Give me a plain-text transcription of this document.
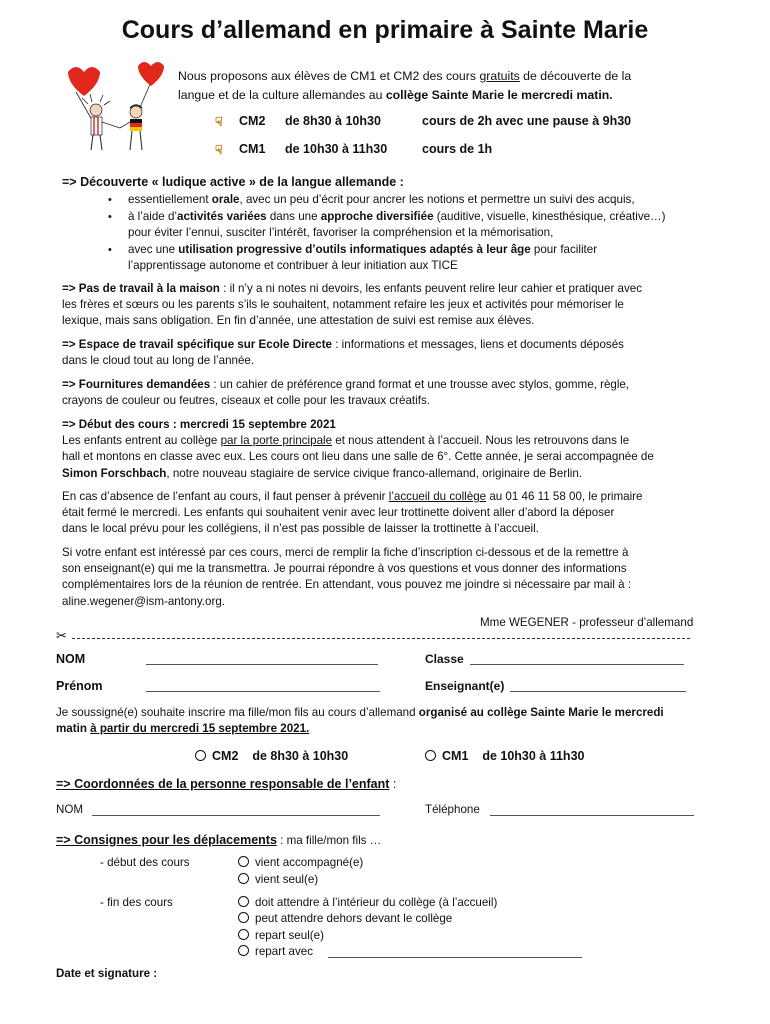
Cours d’allemand en primaire à Sainte Marie
Nous proposons aux élèves de CM1 et CM2 des cours gratuits de découverte de la
langue et de la culture allemandes au collège Sainte Marie le mercredi matin.
☟ CM2 de 8h30 à 10h30	cours de 2h avec une pause à 9h30
☟ CM1 de 10h30 à 11h30	cours de 1h
=> Découverte « ludique active » de la langue allemande :
• essentiellement orale, avec un peu d’écrit pour ancrer les notions et permettre un suivi des acquis,
• à l’aide d’activités variées dans une approche diversifiée (auditive, visuelle, kinesthésique, créative…)
pour éviter l’ennui, susciter l’intérêt, favoriser la compréhension et la mémorisation,
• avec une utilisation progressive d’outils informatiques adaptés à leur âge pour faciliter
l’apprentissage autonome et contribuer à leur initiation aux TICE
=> Pas de travail à la maison : il n’y a ni notes ni devoirs, les enfants peuvent relire leur cahier et pratiquer avec
les frères et sœurs ou les parents s’ils le souhaitent, notamment refaire les jeux et activités pour mémoriser le
lexique, mais sans obligation. En fin d’année, une attestation de suivi est remise aux élèves.
=> Espace de travail spécifique sur Ecole Directe : informations et messages, liens et documents déposés
dans le cloud tout au long de l’année.
=> Fournitures demandées : un cahier de préférence grand format et une trousse avec stylos, gomme, règle,
crayons de couleur ou feutres, ciseaux et colle pour les travaux créatifs.
=> Début des cours : mercredi 15 septembre 2021
Les enfants entrent au collège par la porte principale et nous attendent à l’accueil. Nous les retrouvons dans le
hall et montons en classe avec eux. Les cours ont lieu dans une salle de 6°. Cette année, je serai accompagnée de
Simon Forschbach, notre nouveau stagiaire de service civique franco-allemand, originaire de Berlin.
En cas d’absence de l’enfant au cours, il faut penser à prévenir l’accueil du collège au 01 46 11 58 00, le primaire
était fermé le mercredi. Les enfants qui souhaitent venir avec leur trottinette doivent aller d’abord la déposer
dans le local prévu pour les collégiens, il n’est pas possible de laisser la trottinette à l’accueil.
Si votre enfant est intéressé par ces cours, merci de remplir la fiche d’inscription ci-dessous et de la remettre à
son enseignant(e) qui me la transmettra. Je pourrai répondre à vos questions et vous donner des informations
complémentaires lors de la réunion de rentrée. En attendant, vous pouvez me joindre si nécessaire par mail à :
aline.wegener@ism-antony.org.
Mme WEGENER - professeur d’allemand
✂
NOM	Classe
Prénom	Enseignant(e)
Je soussigné(e) souhaite inscrire ma fille/mon fils au cours d’allemand organisé au collège Sainte Marie le mercredi
matin à partir du mercredi 15 septembre 2021.
CM2 de 8h30 à 10h30	CM1 de 10h30 à 11h30
=> Coordonnées de la personne responsable de l’enfant :
NOM	Téléphone
=> Consignes pour les déplacements : ma fille/mon fils …
- début des cours	vient accompagné(e)
vient seul(e)
- fin des cours	doit attendre à l’intérieur du collège (à l’accueil)
peut attendre dehors devant le collège
repart seul(e)
repart avec
Date et signature :
